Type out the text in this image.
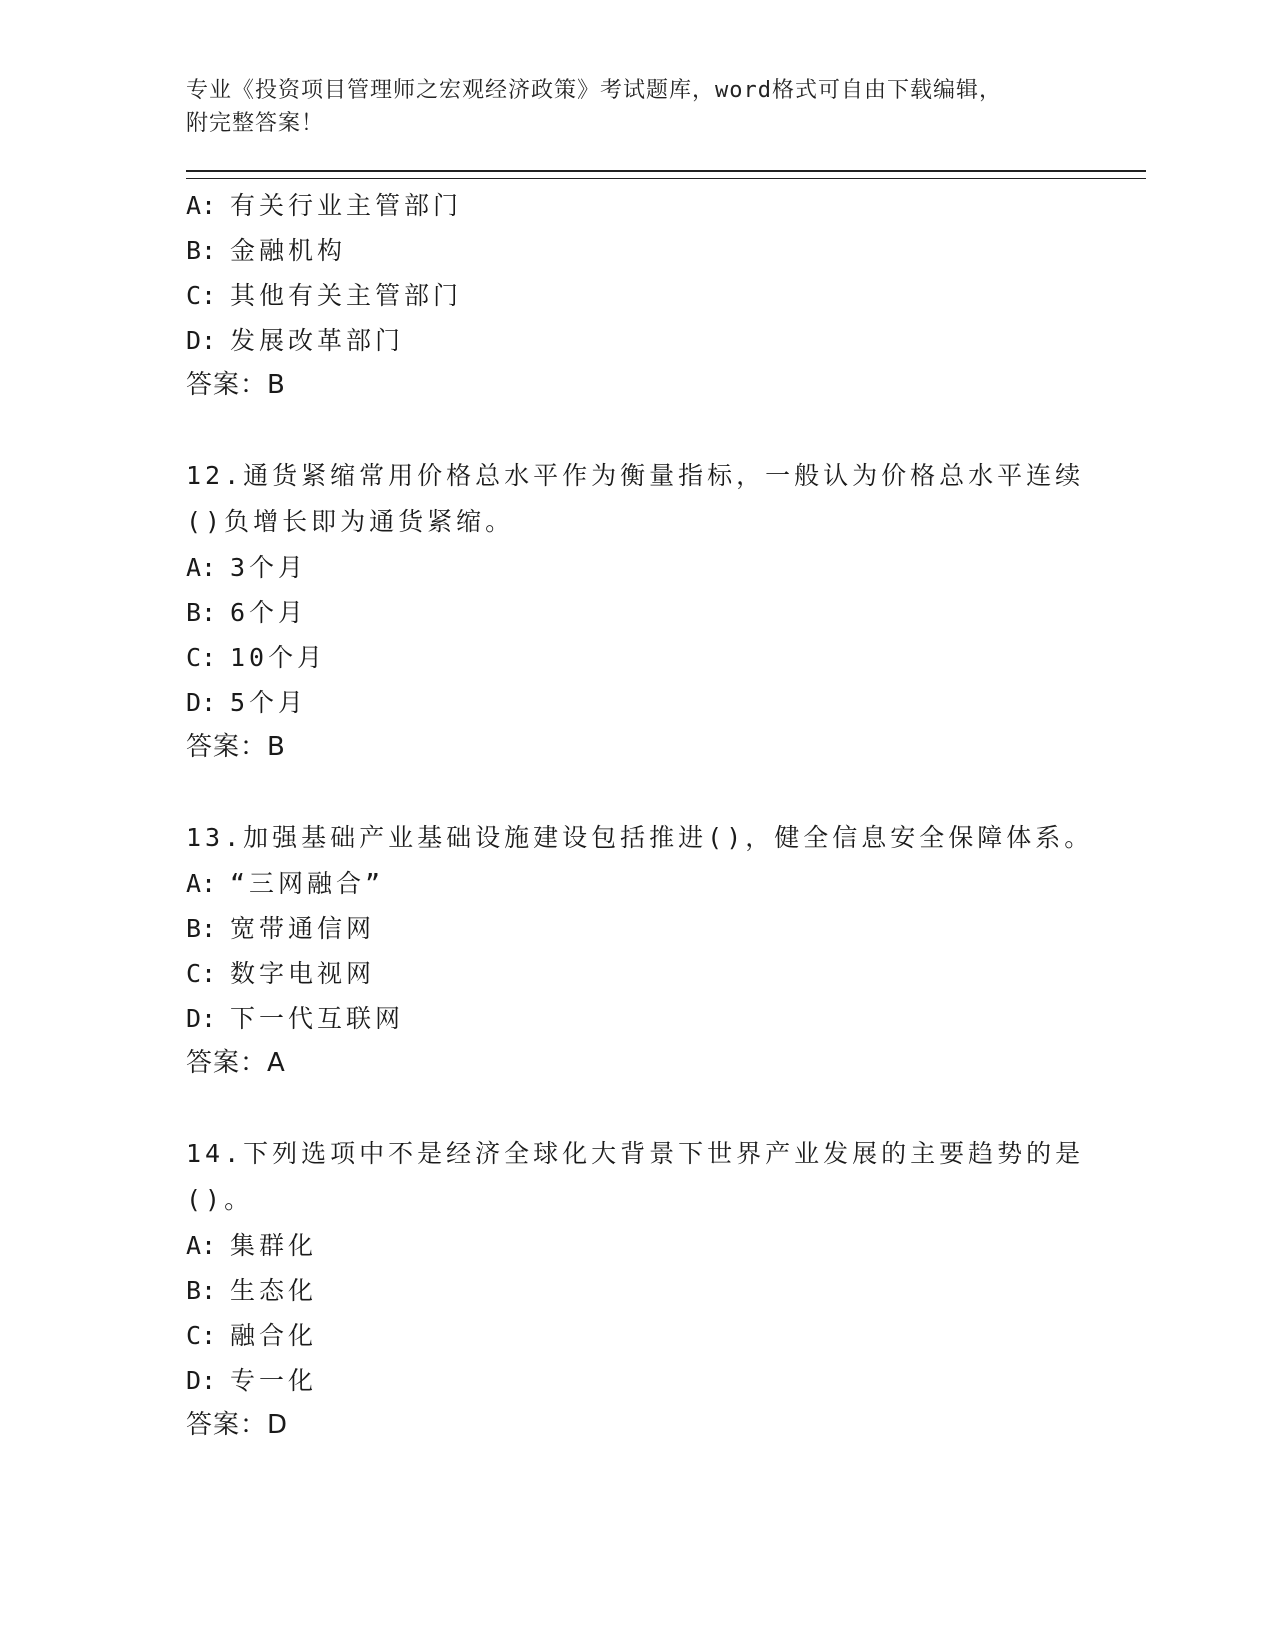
专业《投资项目管理师之宏观经济政策》考试题库，word格式可自由下载编辑，
附完整答案！
A: 有关行业主管部门
B: 金融机构
C: 其他有关主管部门
D: 发展改革部门
答案：B
12.通货紧缩常用价格总水平作为衡量指标，一般认为价格总水平连续
()负增长即为通货紧缩。
A: 3个月
B: 6个月
C: 10个月
D: 5个月
答案：B
13.加强基础产业基础设施建设包括推进()，健全信息安全保障体系。
A: “三网融合”
B: 宽带通信网
C: 数字电视网
D: 下一代互联网
答案：A
14.下列选项中不是经济全球化大背景下世界产业发展的主要趋势的是
()。
A: 集群化
B: 生态化
C: 融合化
D: 专一化
答案：D
